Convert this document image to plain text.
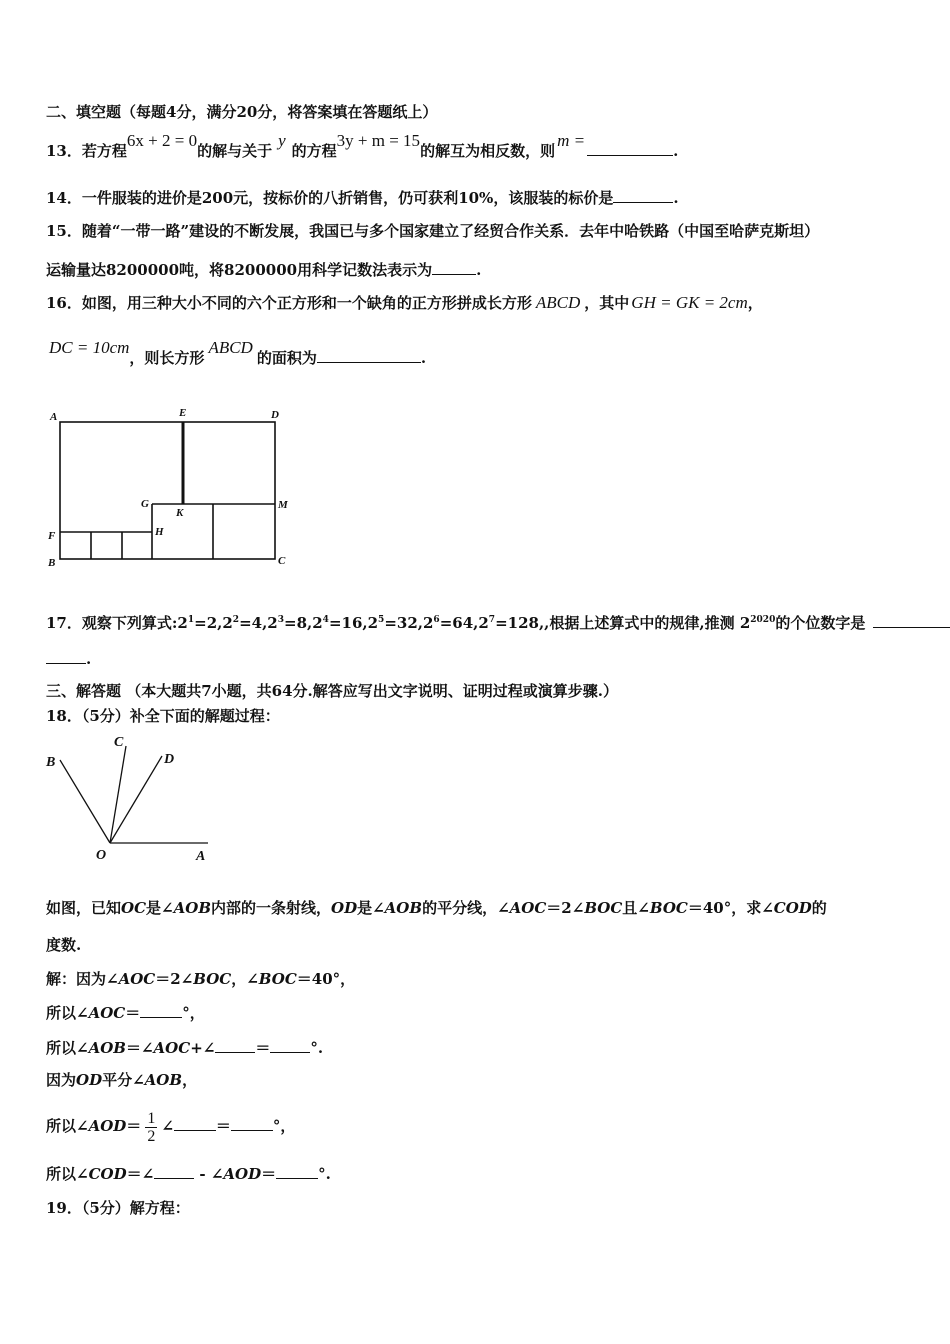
二、填空题（每题4分，满分20分，将答案填在答题纸上）
13．若方程6x + 2 = 0的解与关于y的方程3y + m = 15的解互为相反数，则m =.
14．一件服装的进价是200元，按标价的八折销售，仍可获利10%，该服装的标价是	.
15．随着“一带一路”建设的不断发展，我国已与多个国家建立了经贸合作关系．去年中哈铁路（中国至哈萨克斯坦）
运输量达8200000吨，将8200000用科学记数法表示为	.
16．如图，用三种大小不同的六个正方形和一个缺角的正方形拼成长方形 ABCD ，其中 GH = GK = 2cm，
DC = 10cm，则长方形ABCD的面积为	.
A	E	D
G
K
M
F	H
B	C
17．观察下列算式$:2^1=2,2^2=4,2^3=8,2^4=16,2^5=32,2^6=64,2^7=128$,,根据上述算式中的规律,推测 $2^{2020}$的个位数字是
.
三、解答题 （本大题共7小题，共64分.解答应写出文字说明、证明过程或演算步骤.）
18．（5分）补全下面的解题过程：
B
C
D
O	A
如图，已知OC是∠AOB内部的一条射线，OD是∠AOB的平分线，∠AOC＝2∠BOC且∠BOC＝40°，求∠COD的
度数.
解：因为∠AOC＝2∠BOC，∠BOC＝40°，
所以∠AOC＝	°，
所以∠AOB＝∠AOC+∠	＝	°.
因为OD平分∠AOB，
所以∠AOD＝ $\frac{1}{2}$ ∠	＝	°，
所以∠COD＝∠	- ∠AOD＝	°.
19．（5分）解方程：
